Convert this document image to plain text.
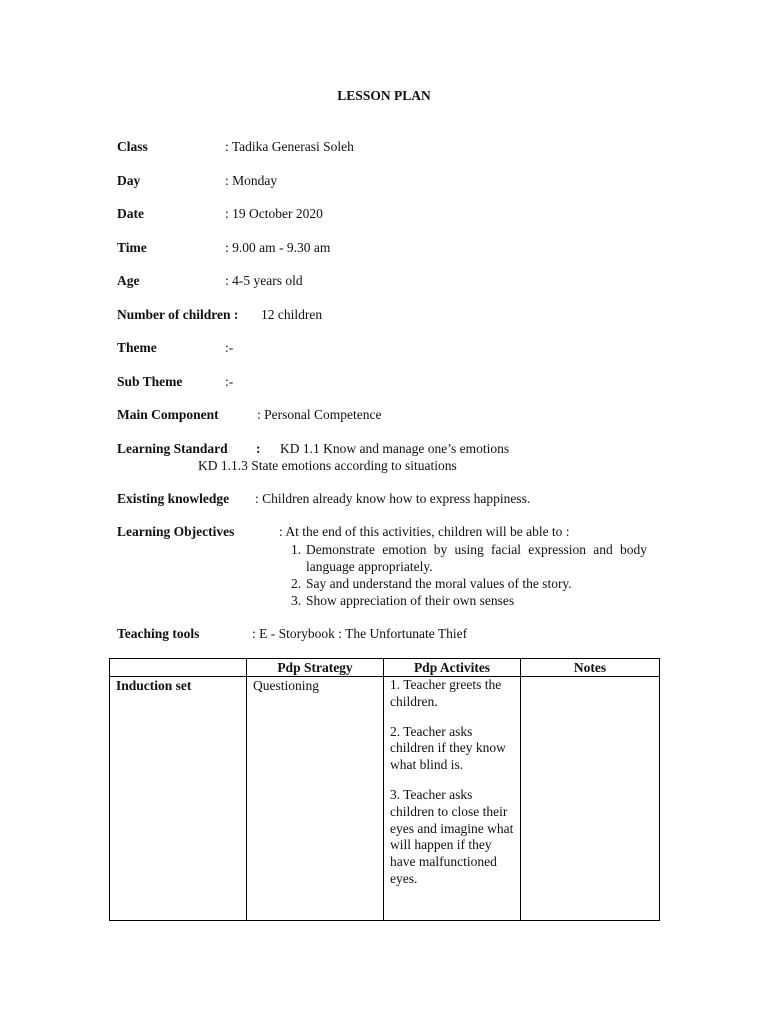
LESSON PLAN
Class	: Tadika Generasi Soleh
Day	: Monday
Date	: 19 October 2020
Time	: 9.00 am - 9.30 am
Age	: 4-5 years old
Number of children : 12 children
Theme	:-
Sub Theme	:-
Main Component	: Personal Competence
Learning Standard : KD 1.1 Know and manage one’s emotions
KD 1.1.3 State emotions according to situations
Existing knowledge : Children already know how to express happiness.
Learning Objectives	: At the end of this activities, children will be able to :
1. Demonstrate emotion by using facial expression and body language appropriately.
2. Say and understand the moral values of the story.
3. Show appreciation of their own senses
Teaching tools	: E - Storybook : The Unfortunate Thief
	Pdp Strategy	Pdp Activites	Notes
Induction set	Questioning	1. Teacher greets the children.

2. Teacher asks children if they know what blind is.

3. Teacher asks children to close their eyes and imagine what will happen if they have malfunctioned eyes.	
